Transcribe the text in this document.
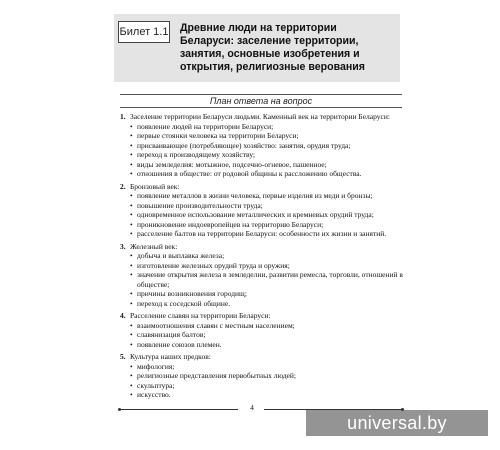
Билет 1.1 Древние люди на территории Беларуси: заселение территории, занятия, основные изобретения и открытия, религиозные верования
План ответа на вопрос
1. Заселение территории Беларуси людьми. Каменный век на территории Беларуси:
• появление людей на территории Беларуси;
• первые стоянки человека на территории Беларуси;
• присваивающее (потребляющее) хозяйство: занятия, орудия труда;
• переход к производящему хозяйству;
• виды земледелия: мотыжное, подсечно-огневое, пашенное;
• отношения в обществе: от родовой общины к рассложению общества.
2. Бронзовый век:
• появление металлов в жизни человека, первые изделия из меди и бронзы;
• повышение производительности труда;
• одновременное использование металлических и кремневых орудий труда;
• проникновение индоевропейцев на территорию Беларуси;
• расселение балтов на территории Беларуси: особенности их жизни и занятий.
3. Железный век:
• добыча и выплавка железа;
• изготовление железных орудий труда и оружия;
• значение открытия железа в земледелии, развитии ремесла, торговли, отношений в обществе;
• причины возникновения городищ;
• переход к соседской общине.
4. Расселение славян на территории Беларуси:
• взаимоотношения славян с местным населением;
• славянизация балтов;
• появление союзов племен.
5. Культура наших предков:
• мифология;
• религиозные представления первобытных людей;
• скульптура;
• искусство.
4
universal.by
